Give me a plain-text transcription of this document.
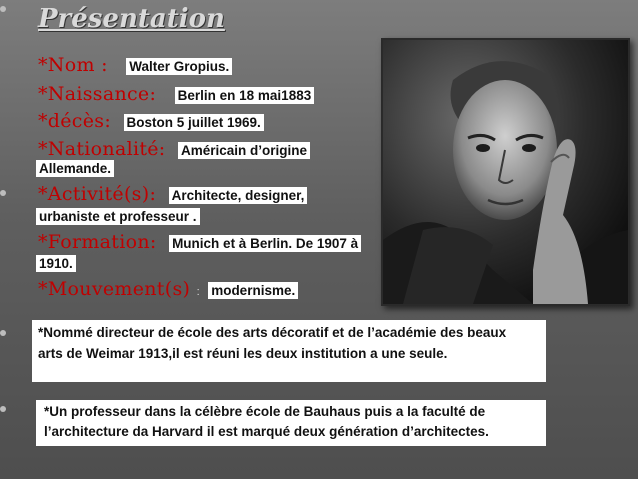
Présentation
*Nom : Walter Gropius.
*Naissance: Berlin en 18 mai1883
*décès: Boston 5 juillet 1969.
*Nationalité: Américain d’origine
Allemande.
*Activité(s): Architecte, designer,
urbaniste et professeur .
*Formation: Munich et à Berlin. De 1907 à
1910.
*Mouvement(s) : modernisme.
*Nommé directeur de école des arts décoratif et de l’académie des beaux
arts de Weimar 1913,il est réuni les deux institution a une seule.
*Un professeur dans la célèbre école de Bauhaus puis a la faculté de
l’architecture da Harvard il est marqué deux génération d’architectes.
